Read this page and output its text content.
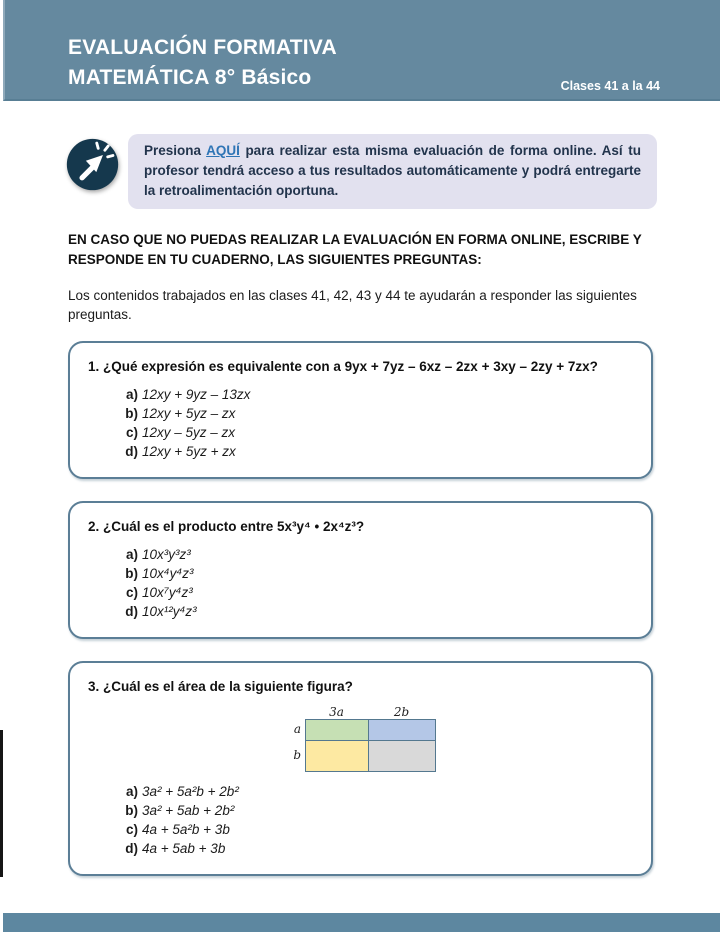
EVALUACIÓN FORMATIVA
MATEMÁTICA 8° Básico	Clases 41 a la 44

Presiona AQUÍ para realizar esta misma evaluación de forma online. Así tu profesor tendrá acceso a tus resultados automáticamente y podrá entregarte la retroalimentación oportuna.

EN CASO QUE NO PUEDAS REALIZAR LA EVALUACIÓN EN FORMA ONLINE, ESCRIBE Y RESPONDE EN TU CUADERNO, LAS SIGUIENTES PREGUNTAS:

Los contenidos trabajados en las clases 41, 42, 43 y 44 te ayudarán a responder las siguientes preguntas.

1. ¿Qué expresión es equivalente con a 9yx + 7yz – 6xz – 2zx + 3xy – 2zy + 7zx?

a) 12xy + 9yz – 13zx
b) 12xy + 5yz – zx
c) 12xy – 5yz – zx
d) 12xy + 5yz + zx

2. ¿Cuál es el producto entre 5x³y⁴ • 2x⁴z³?

a) 10x³y³z³
b) 10x⁴y⁴z³
c) 10x⁷y⁴z³
d) 10x¹²y⁴z³

3. ¿Cuál es el área de la siguiente figura?

3a	2b
a
b
a) 3a² + 5a²b + 2b²
b) 3a² + 5ab + 2b²
c) 4a + 5a²b + 3b
d) 4a + 5ab + 3b
